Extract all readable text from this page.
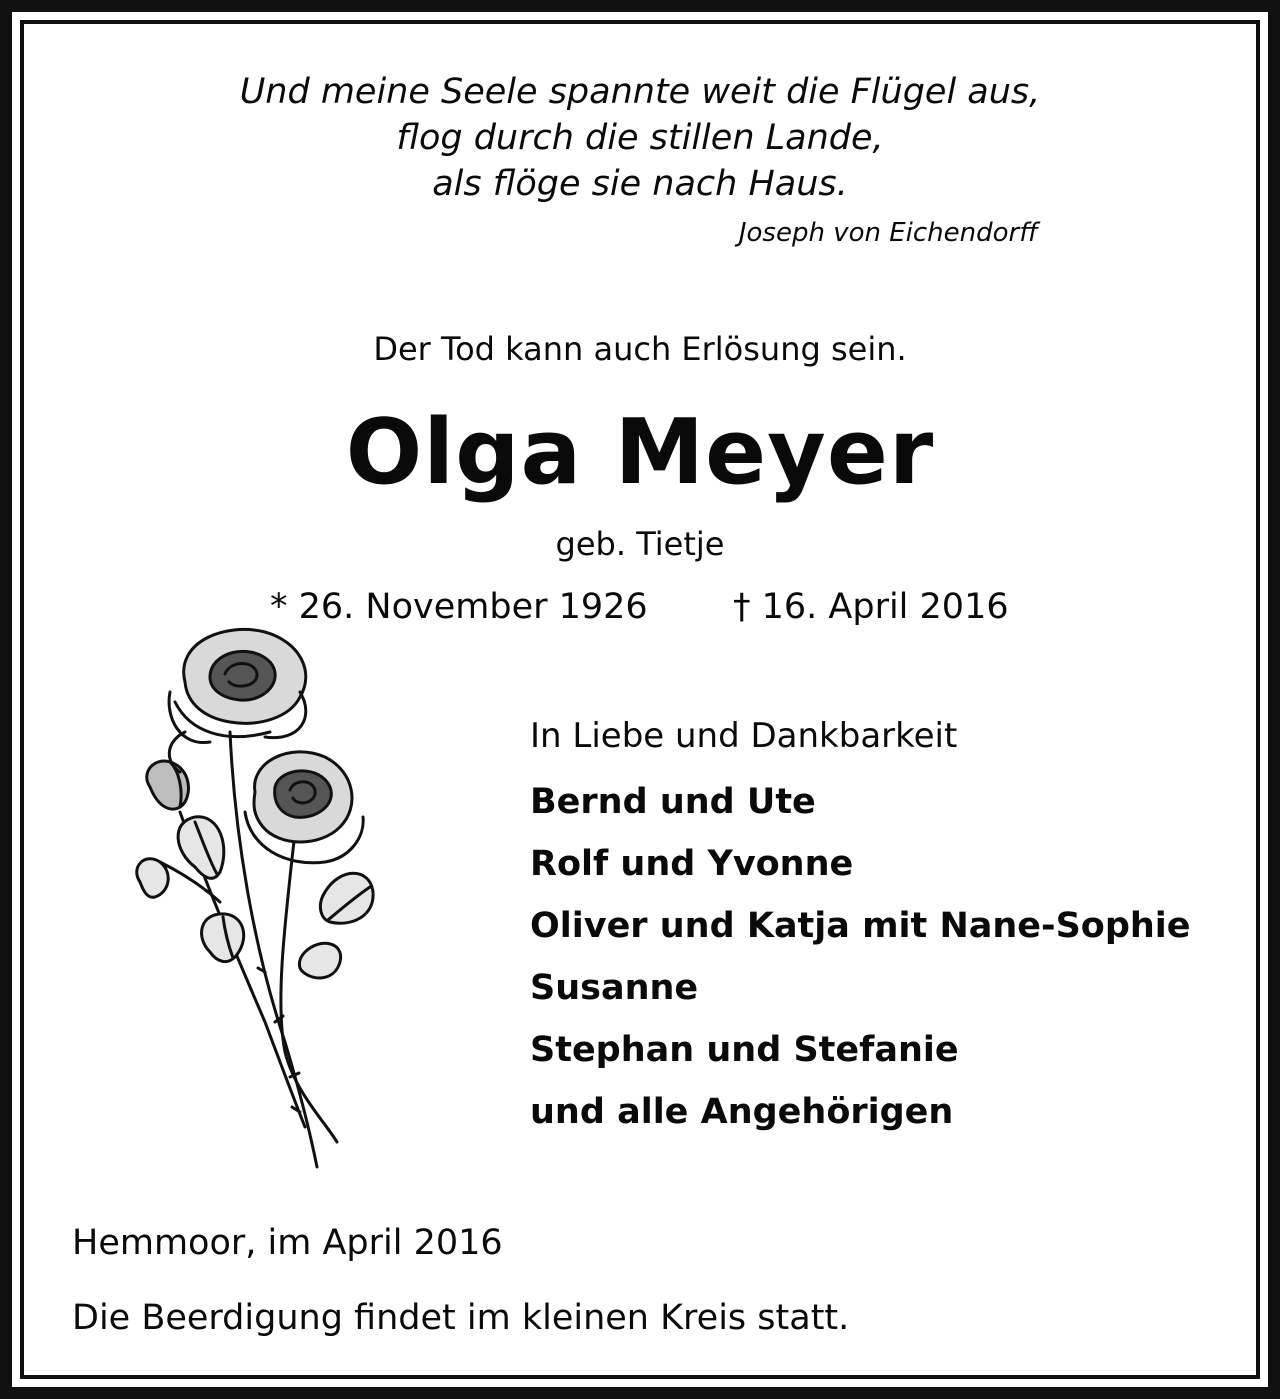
Und meine Seele spannte weit die Flügel aus,
flog durch die stillen Lande,
als flöge sie nach Haus.
Joseph von Eichendorff
Der Tod kann auch Erlösung sein.
Olga Meyer
geb. Tietje
* 26. November 1926 † 16. April 2016
In Liebe und Dankbarkeit
Bernd und Ute
Rolf und Yvonne
Oliver und Katja mit Nane-Sophie
Susanne
Stephan und Stefanie
und alle Angehörigen
Hemmoor, im April 2016
Die Beerdigung findet im kleinen Kreis statt.
